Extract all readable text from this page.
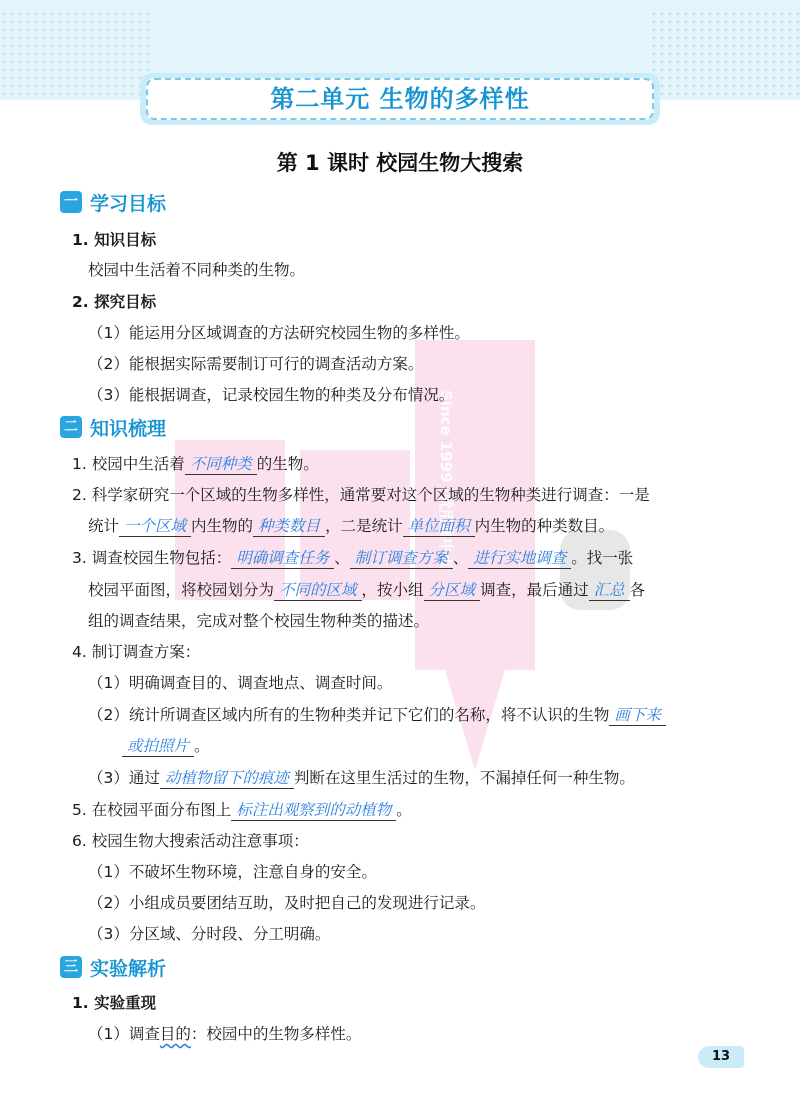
第二单元 生物的多样性
第 1 课时 校园生物大搜索
Since 1999 ·就用典中点
一 学习目标
1. 知识目标
校园中生活着不同种类的生物。
2. 探究目标
（1）能运用分区域调查的方法研究校园生物的多样性。
（2）能根据实际需要制订可行的调查活动方案。
（3）能根据调查，记录校园生物的种类及分布情况。
二 知识梳理
1. 校园中生活着 不同种类 的生物。
2. 科学家研究一个区域的生物多样性，通常要对这个区域的生物种类进行调查：一是
统计 一个区域 内生物的 种类数目 ，二是统计 单位面积 内生物的种类数目。
3. 调查校园生物包括： 明确调查任务 、 制订调查方案 、 进行实地调查 。找一张
校园平面图，将校园划分为 不同的区域 ，按小组 分区域 调查，最后通过 汇总 各
组的调查结果，完成对整个校园生物种类的描述。
4. 制订调查方案：
（1）明确调查目的、调查地点、调查时间。
（2）统计所调查区域内所有的生物种类并记下它们的名称，将不认识的生物 画下来
或拍照片 。
（3）通过 动植物留下的痕迹 判断在这里生活过的生物，不漏掉任何一种生物。
5. 在校园平面分布图上 标注出观察到的动植物 。
6. 校园生物大搜索活动注意事项：
（1）不破坏生物环境，注意自身的安全。
（2）小组成员要团结互助，及时把自己的发现进行记录。
（3）分区域、分时段、分工明确。
三 实验解析
1. 实验重现
（1）调查目的：校园中的生物多样性。
13
